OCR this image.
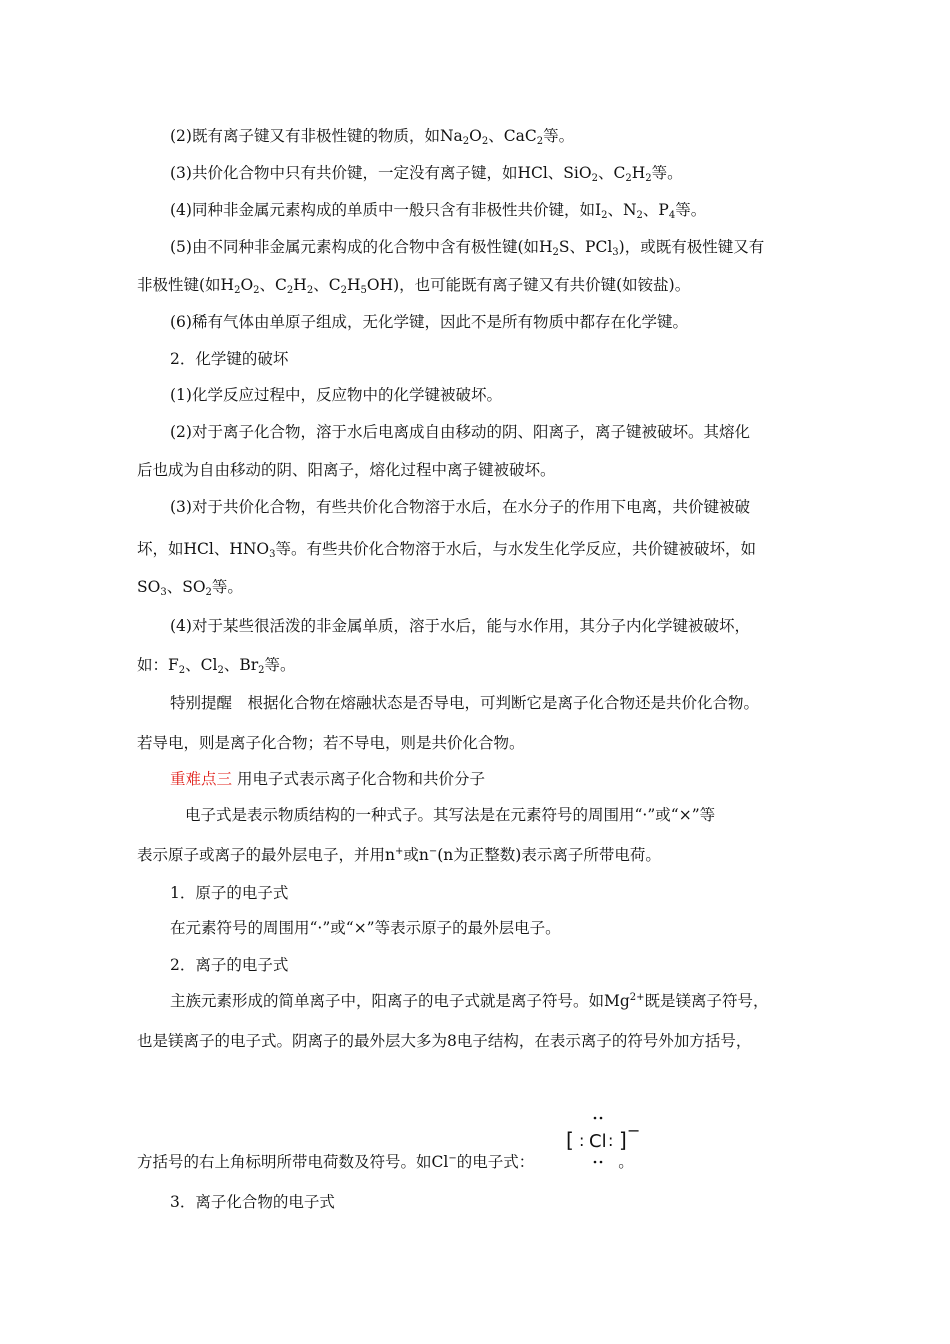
(2)既有离子键又有非极性键的物质，如$Na_2O_2$、CaC$_2$等。
(3)共价化合物中只有共价键，一定没有离子键，如HCl、SiO$_2$、$C_2H_2$等。
(4)同种非金属元素构成的单质中一般只含有非极性共价键，如$I_2$、$N_2$、$P_4$等。
(5)由不同种非金属元素构成的化合物中含有极性键(如$H_2S$、PCl$_3$)，或既有极性键又有
非极性键(如$H_2O_2$、$C_2H_2$、$C_2H_5OH$)，也可能既有离子键又有共价键(如铵盐)。
(6)稀有气体由单原子组成，无化学键，因此不是所有物质中都存在化学键。
2．化学键的破坏
(1)化学反应过程中，反应物中的化学键被破坏。
(2)对于离子化合物，溶于水后电离成自由移动的阴、阳离子，离子键被破坏。其熔化
后也成为自由移动的阴、阳离子，熔化过程中离子键被破坏。
(3)对于共价化合物，有些共价化合物溶于水后，在水分子的作用下电离，共价键被破
坏，如HCl、$HNO_3$等。有些共价化合物溶于水后，与水发生化学反应，共价键被破坏，如
$SO_3$、$SO_2$等。
(4)对于某些很活泼的非金属单质，溶于水后，能与水作用，其分子内化学键被破坏，
如：$F_2$、$Cl_2$、$Br_2$等。
特别提醒　根据化合物在熔融状态是否导电，可判断它是离子化合物还是共价化合物。
若导电，则是离子化合物；若不导电，则是共价化合物。
重难点三 用电子式表示离子化合物和共价分子
电子式是表示物质结构的一种式子。其写法是在元素符号的周围用“·”或“×”等
表示原子或离子的最外层电子，并用n+或n−(n为正整数)表示离子所带电荷。
1．原子的电子式
在元素符号的周围用“·”或“×”等表示原子的最外层电子。
2．离子的电子式
主族元素形成的简单离子中，阳离子的电子式就是离子符号。如$Mg^{2+}$既是镁离子符号，
也是镁离子的电子式。阴离子的最外层大多为8电子结构，在表示离子的符号外加方括号，
方括号的右上角标明所带电荷数及符号。如Cl−的电子式：	。
[ : Cl : ] −
3．离子化合物的电子式
